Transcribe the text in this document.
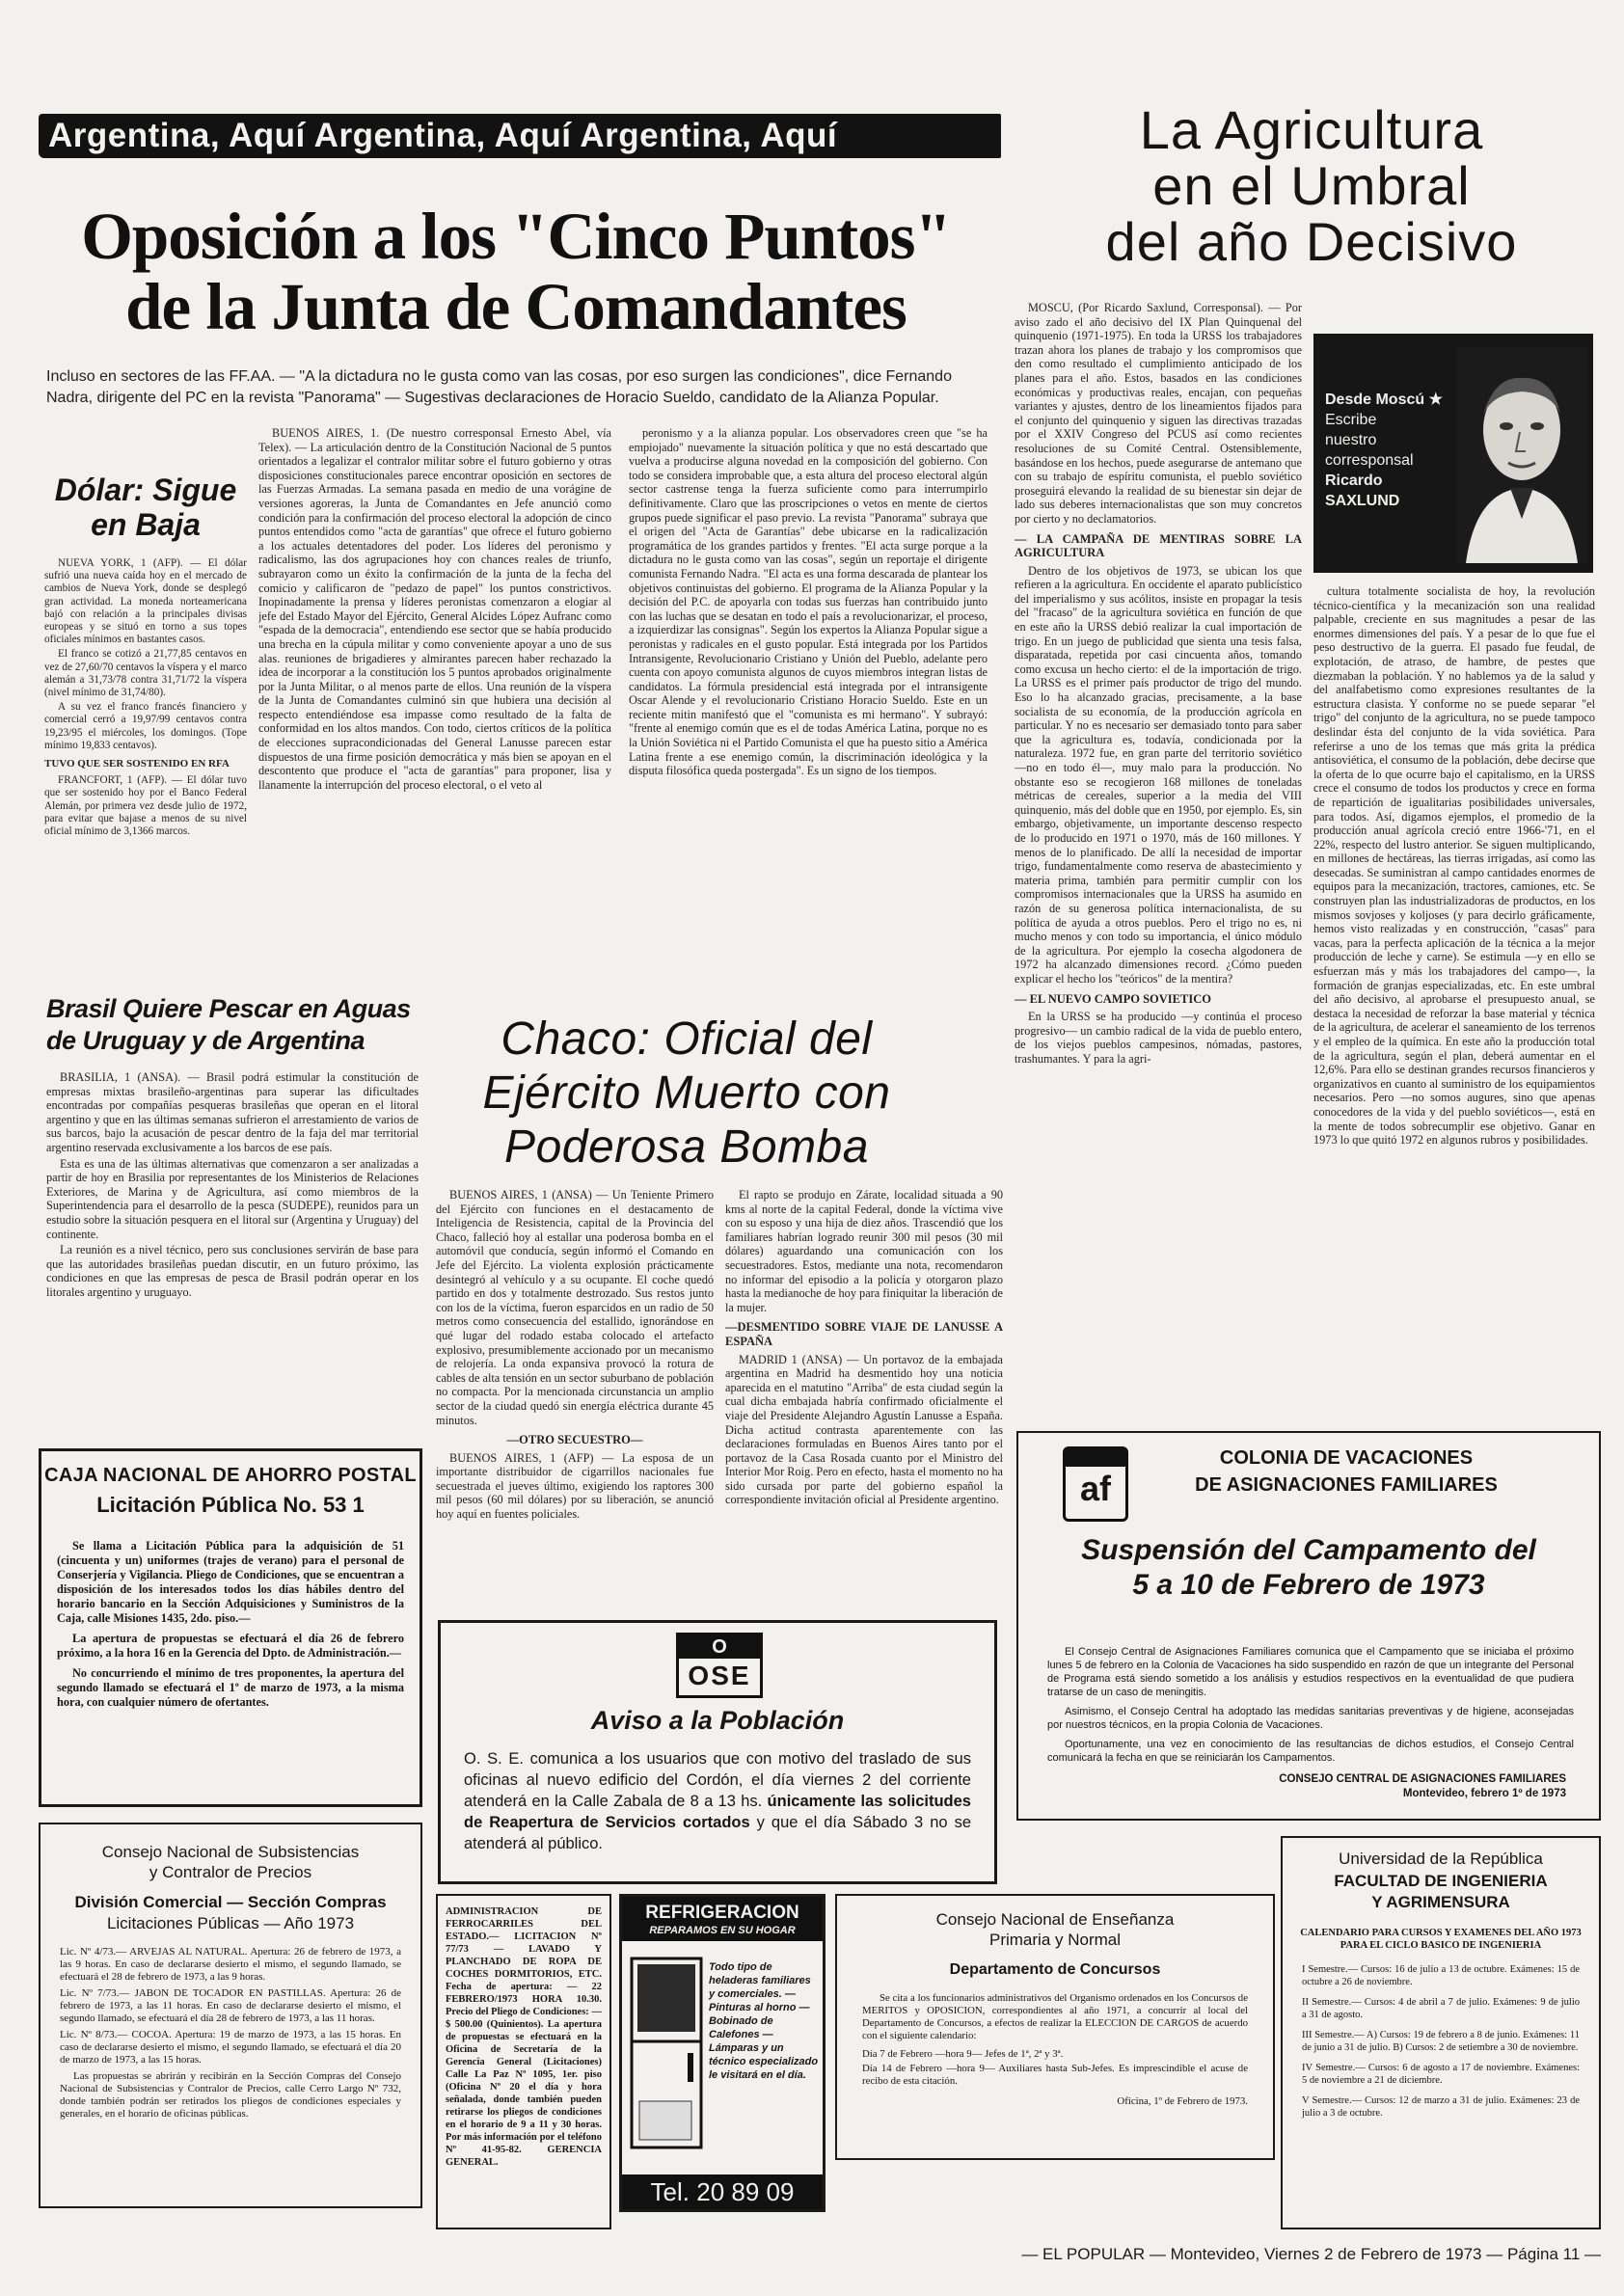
Argentina, Aquí Argentina, Aquí Argentina, Aquí
Oposición a los "Cinco Puntos"
de la Junta de Comandantes
Incluso en sectores de las FF.AA. — "A la dictadura no le gusta como van las cosas, por eso surgen las condiciones", dice Fernando Nadra, dirigente del PC en la revista "Panorama" — Sugestivas declaraciones de Horacio Sueldo, candidato de la Alianza Popular.
Dólar: Sigue en Baja

NUEVA YORK, 1 (AFP). — El dólar sufrió una nueva caída hoy en el mercado de cambios de Nueva York, donde se desplegó gran actividad. La moneda norteamericana bajó con relación a la principales divisas europeas y se situó en torno a sus topes oficiales mínimos en bastantes casos.

El franco se cotizó a 21,77,85 centavos en vez de 27,60/70 centavos la víspera y el marco alemán a 31,73/78 contra 31,71/72 la víspera (nivel mínimo de 31,74/80).

A su vez el franco francés financiero y comercial cerró a 19,97/99 centavos contra 19,23/95 el miércoles, los domingos. (Tope mínimo 19,833 centavos).

TUVO QUE SER SOSTENIDO EN RFA

FRANCFORT, 1 (AFP). — El dólar tuvo que ser sostenido hoy por el Banco Federal Alemán, por primera vez desde julio de 1972, para evitar que bajase a menos de su nivel oficial mínimo de 3,1366 marcos.

BUENOS AIRES, 1. (De nuestro corresponsal Ernesto Abel, vía Telex). — La articulación dentro de la Constitución Nacional de 5 puntos orientados a legalizar el contralor militar sobre el futuro gobierno y otras disposiciones constitucionales parece encontrar oposición en sectores de las Fuerzas Armadas. La semana pasada en medio de una vorágine de versiones agoreras, la Junta de Comandantes en Jefe anunció como condición para la confirmación del proceso electoral la adopción de cinco puntos entendidos como "acta de garantías" que ofrece el futuro gobierno a los actuales detentadores del poder. Los líderes del peronismo y radicalismo, las dos agrupaciones hoy con chances reales de triunfo, subrayaron como un éxito la confirmación de la junta de la fecha del comicio y calificaron de "pedazo de papel" los puntos constrictivos. Inopinadamente la prensa y líderes peronistas comenzaron a elogiar al jefe del Estado Mayor del Ejército, General Alcides López Aufranc como "espada de la democracia", entendiendo ese sector que se había producido una brecha en la cúpula militar y como conveniente apoyar a uno de sus alas. reuniones de brigadieres y almirantes parecen haber rechazado la idea de incorporar a la constitución los 5 puntos aprobados originalmente por la Junta Militar, o al menos parte de ellos. Una reunión de la víspera de la Junta de Comandantes culminó sin que hubiera una decisión al respecto entendiéndose esa impasse como resultado de la falta de conformidad en los altos mandos. Con todo, ciertos críticos de la política de elecciones supracondicionadas del General Lanusse parecen estar dispuestos de una firme posición democrática y más bien se apoyan en el descontento que produce el "acta de garantías" para proponer, lisa y llanamente la interrupción del proceso electoral, o el veto al

peronismo y a la alianza popular. Los observadores creen que "se ha empiojado" nuevamente la situación política y que no está descartado que vuelva a producirse alguna novedad en la composición del gobierno. Con todo se considera improbable que, a esta altura del proceso electoral algún sector castrense tenga la fuerza suficiente como para interrumpirlo definitivamente. Claro que las proscripciones o vetos en mente de ciertos grupos puede significar el paso previo. La revista "Panorama" subraya que el origen del "Acta de Garantías" debe ubicarse en la radicalización programática de los grandes partidos y frentes. "El acta surge porque a la dictadura no le gusta como van las cosas", según un reportaje el dirigente comunista Fernando Nadra. "El acta es una forma descarada de plantear los objetivos continuistas del gobierno. El programa de la Alianza Popular y la decisión del P.C. de apoyarla con todas sus fuerzas han contribuido junto con las luchas que se desatan en todo el país a revolucionarizar, el proceso, a izquierdizar las consignas". Según los expertos la Alianza Popular sigue a peronistas y radicales en el gusto popular. Está integrada por los Partidos Intransigente, Revolucionario Cristiano y Unión del Pueblo, adelante pero cuenta con apoyo comunista algunos de cuyos miembros integran listas de candidatos. La fórmula presidencial está integrada por el intransigente Oscar Alende y el revolucionario Cristiano Horacio Sueldo. Este en un reciente mitin manifestó que el "comunista es mi hermano". Y subrayó: "frente al enemigo común que es el de todas América Latina, porque no es la Unión Soviética ni el Partido Comunista el que ha puesto sitio a América Latina frente a ese enemigo común, la discriminación ideológica y la disputa filosófica queda postergada". Es un signo de los tiempos.

Brasil Quiere Pescar en Aguas de Uruguay y de Argentina

BRASILIA, 1 (ANSA). — Brasil podrá estimular la constitución de empresas mixtas brasileño-argentinas para superar las dificultades encontradas por compañías pesqueras brasileñas que operan en el litoral argentino y que en las últimas semanas sufrieron el arrestamiento de varios de sus barcos, bajo la acusación de pescar dentro de la faja del mar territorial argentino reservada exclusivamente a los barcos de ese país.

Esta es una de las últimas alternativas que comenzaron a ser analizadas a partir de hoy en Brasilia por representantes de los Ministerios de Relaciones Exteriores, de Marina y de Agricultura, así como miembros de la Superintendencia para el desarrollo de la pesca (SUDEPE), reunidos para un estudio sobre la situación pesquera en el litoral sur (Argentina y Uruguay) del continente.

La reunión es a nivel técnico, pero sus conclusiones servirán de base para que las autoridades brasileñas puedan discutir, en un futuro próximo, las condiciones en que las empresas de pesca de Brasil podrán operar en los litorales argentino y uruguayo.

Chaco: Oficial del Ejército Muerto con Poderosa Bomba

BUENOS AIRES, 1 (ANSA) — Un Teniente Primero del Ejército con funciones en el destacamento de Inteligencia de Resistencia, capital de la Provincia del Chaco, falleció hoy al estallar una poderosa bomba en el automóvil que conducía, según informó el Comando en Jefe del Ejército. La violenta explosión prácticamente desintegró al vehículo y a su ocupante. El coche quedó partido en dos y totalmente destrozado. Sus restos junto con los de la víctima, fueron esparcidos en un radio de 50 metros como consecuencia del estallido, ignorándose en qué lugar del rodado estaba colocado el artefacto explosivo, presumiblemente accionado por un mecanismo de relojería. La onda expansiva provocó la rotura de cables de alta tensión en un sector suburbano de población no compacta. Por la mencionada circunstancia un amplio sector de la ciudad quedó sin energía eléctrica durante 45 minutos.

—OTRO SECUESTRO—

BUENOS AIRES, 1 (AFP) — La esposa de un importante distribuidor de cigarrillos nacionales fue secuestrada el jueves último, exigiendo los raptores 300 mil pesos (60 mil dólares) por su liberación, se anunció hoy aquí en fuentes policiales.

El rapto se produjo en Zárate, localidad situada a 90 kms al norte de la capital Federal, donde la víctima vive con su esposo y una hija de diez años. Trascendió que los familiares habrían logrado reunir 300 mil pesos (30 mil dólares) aguardando una comunicación con los secuestradores. Estos, mediante una nota, recomendaron no informar del episodio a la policía y otorgaron plazo hasta la medianoche de hoy para finiquitar la liberación de la mujer.

—DESMENTIDO SOBRE VIAJE DE LANUSSE A ESPAÑA

MADRID 1 (ANSA) — Un portavoz de la embajada argentina en Madrid ha desmentido hoy una noticia aparecida en el matutino "Arriba" de esta ciudad según la cual dicha embajada habría confirmado oficialmente el viaje del Presidente Alejandro Agustín Lanusse a España. Dicha actitud contrasta aparentemente con las declaraciones formuladas en Buenos Aires tanto por el portavoz de la Casa Rosada cuanto por el Ministro del Interior Mor Roig. Pero en efecto, hasta el momento no ha sido cursada por parte del gobierno español la correspondiente invitación oficial al Presidente argentino.

La Agricultura
en el Umbral
del año Decisivo

MOSCU, (Por Ricardo Saxlund, Corresponsal). — Por aviso zado el año decisivo del IX Plan Quinquenal del quinquenio (1971-1975). En toda la URSS los trabajadores trazan ahora los planes de trabajo y los compromisos que den como resultado el cumplimiento anticipado de los planes para el año. Estos, basados en las condiciones económicas y productivas reales, encajan, con pequeñas variantes y ajustes, dentro de los lineamientos fijados para el conjunto del quinquenio y siguen las directivas trazadas por el XXIV Congreso del PCUS así como recientes resoluciones de su Comité Central. Ostensiblemente, basándose en los hechos, puede asegurarse de antemano que con su trabajo de espíritu comunista, el pueblo soviético proseguirá elevando la realidad de su bienestar sin dejar de lado sus deberes internacionalistas que son muy concretos por cierto y no declamatorios.

— LA CAMPAÑA DE MENTIRAS SOBRE LA AGRICULTURA

Dentro de los objetivos de 1973, se ubican los que refieren a la agricultura. En occidente el aparato publicístico del imperialismo y sus acólitos, insiste en propagar la tesis del "fracaso" de la agricultura soviética en función de que en este año la URSS debió realizar la cual importación de trigo. En un juego de publicidad que sienta una tesis falsa, disparatada, repetida por casi cincuenta años, tomando como excusa un hecho cierto: el de la importación de trigo. La URSS es el primer país productor de trigo del mundo. Eso lo ha alcanzado gracias, precisamente, a la base socialista de su economía, de la producción agrícola en particular. Y no es necesario ser demasiado tonto para saber que la agricultura es, todavía, condicionada por la naturaleza. 1972 fue, en gran parte del territorio soviético —no en todo él—, muy malo para la producción. No obstante eso se recogieron 168 millones de toneladas métricas de cereales, superior a la media del VIII quinquenio, más del doble que en 1950, por ejemplo. Es, sin embargo, objetivamente, un importante descenso respecto de lo producido en 1971 o 1970, más de 160 millones. Y menos de lo planificado. De allí la necesidad de importar trigo, fundamentalmente como reserva de abastecimiento y materia prima, también para permitir cumplir con los compromisos internacionales que la URSS ha asumido en razón de su generosa política internacionalista, de su política de ayuda a otros pueblos. Pero el trigo no es, ni mucho menos y con todo su importancia, el único módulo de la agricultura. Por ejemplo la cosecha algodonera de 1972 ha alcanzado dimensiones record. ¿Cómo pueden explicar el hecho los "teóricos" de la mentira?

— EL NUEVO CAMPO SOVIETICO

En la URSS se ha producido —y continúa el proceso progresivo— un cambio radical de la vida de pueblo entero, de los viejos pueblos campesinos, nómadas, pastores, trashumantes. Y para la agri-

Desde Moscú ★
Escribe
nuestro
corresponsal
Ricardo
SAXLUND

cultura totalmente socialista de hoy, la revolución técnico-científica y la mecanización son una realidad palpable, creciente en sus magnitudes a pesar de las enormes dimensiones del país. Y a pesar de lo que fue el peso destructivo de la guerra. El pasado fue feudal, de explotación, de atraso, de hambre, de pestes que diezmaban la población. Y no hablemos ya de la salud y del analfabetismo como expresiones resultantes de la estructura clasista. Y conforme no se puede separar "el trigo" del conjunto de la agricultura, no se puede tampoco deslindar ésta del conjunto de la vida soviética. Para referirse a uno de los temas que más grita la prédica antisoviética, el consumo de la población, debe decirse que la oferta de lo que ocurre bajo el capitalismo, en la URSS crece el consumo de todos los productos y crece en forma de repartición de igualitarias posibilidades universales, para todos. Así, digamos ejemplos, el promedio de la producción anual agrícola creció entre 1966-'71, en el 22%, respecto del lustro anterior. Se siguen multiplicando, en millones de hectáreas, las tierras irrigadas, así como las desecadas. Se suministran al campo cantidades enormes de equipos para la mecanización, tractores, camiones, etc. Se construyen plan las industrializadoras de productos, en los mismos sovjoses y koljoses (y para decirlo gráficamente, hemos visto realizadas y en construcción, "casas" para vacas, para la perfecta aplicación de la técnica a la mejor producción de leche y carne). Se estimula —y en ello se esfuerzan más y más los trabajadores del campo—, la formación de granjas especializadas, etc. En este umbral del año decisivo, al aprobarse el presupuesto anual, se destaca la necesidad de reforzar la base material y técnica de la agricultura, de acelerar el saneamiento de los terrenos y el empleo de la química. En este año la producción total de la agricultura, según el plan, deberá aumentar en el 12,6%. Para ello se destinan grandes recursos financieros y organizativos en cuanto al suministro de los equipamientos necesarios. Pero —no somos augures, sino que apenas conocedores de la vida y del pueblo soviéticos—, está en la mente de todos sobrecumplir ese objetivo. Ganar en 1973 lo que quitó 1972 en algunos rubros y posibilidades.

CAJA NACIONAL DE AHORRO POSTAL
Licitación Pública No. 53 1

Se llama a Licitación Pública para la adquisición de 51 (cincuenta y un) uniformes (trajes de verano) para el personal de Conserjería y Vigilancia. Pliego de Condiciones, que se encuentran a disposición de los interesados todos los días hábiles dentro del horario bancario en la Sección Adquisiciones y Suministros de la Caja, calle Misiones 1435, 2do. piso.—

La apertura de propuestas se efectuará el día 26 de febrero próximo, a la hora 16 en la Gerencia del Dpto. de Administración.—

No concurriendo el mínimo de tres proponentes, la apertura del segundo llamado se efectuará el 1º de marzo de 1973, a la misma hora, con cualquier número de ofertantes.

af
COLONIA DE VACACIONES
DE ASIGNACIONES FAMILIARES
Suspensión del Campamento del
5 a 10 de Febrero de 1973

El Consejo Central de Asignaciones Familiares comunica que el Campamento que se iniciaba el próximo lunes 5 de febrero en la Colonia de Vacaciones ha sido suspendido en razón de que un integrante del Personal de Programa está siendo sometido a los análisis y estudios respectivos en la eventualidad de que pudiera tratarse de un caso de meningitis.

Asimismo, el Consejo Central ha adoptado las medidas sanitarias preventivas y de higiene, aconsejadas por nuestros técnicos, en la propia Colonia de Vacaciones.

Oportunamente, una vez en conocimiento de las resultancias de dichos estudios, el Consejo Central comunicará la fecha en que se reiniciarán los Campamentos.

CONSEJO CENTRAL DE ASIGNACIONES FAMILIARES
Montevideo, febrero 1º de 1973
O
OSE
Aviso a la Población
O. S. E. comunica a los usuarios que con motivo del traslado de sus oficinas al nuevo edificio del Cordón, el día viernes 2 del corriente atenderá en la Calle Zabala de 8 a 13 hs. únicamente las solicitudes de Reapertura de Servicios cortados y que el día Sábado 3 no se atenderá al público.
Consejo Nacional de Subsistencias
y Contralor de Precios
División Comercial — Sección Compras
Licitaciones Públicas — Año 1973

Lic. Nº 4/73.— ARVEJAS AL NATURAL. Apertura: 26 de febrero de 1973, a las 9 horas. En caso de declararse desierto el mismo, el segundo llamado, se efectuará el 28 de febrero de 1973, a las 9 horas.

Lic. Nº 7/73.— JABON DE TOCADOR EN PASTILLAS. Apertura: 26 de febrero de 1973, a las 11 horas. En caso de declararse desierto el mismo, el segundo llamado, se efectuará el día 28 de febrero de 1973, a las 11 horas.

Lic. Nº 8/73.— COCOA. Apertura: 19 de marzo de 1973, a las 15 horas. En caso de declararse desierto el mismo, el segundo llamado, se efectuará el día 20 de marzo de 1973, a las 15 horas.

Las propuestas se abrirán y recibirán en la Sección Compras del Consejo Nacional de Subsistencias y Contralor de Precios, calle Cerro Largo Nº 732, donde también podrán ser retirados los pliegos de condiciones especiales y generales, en el horario de oficinas públicas.

ADMINISTRACION DE FERROCARRILES DEL ESTADO.— LICITACION Nº 77/73 — LAVADO Y PLANCHADO DE ROPA DE COCHES DORMITORIOS, ETC. Fecha de apertura: — 22 FEBRERO/1973 HORA 10.30. Precio del Pliego de Condiciones: — $ 500.00 (Quinientos). La apertura de propuestas se efectuará en la Oficina de Secretaría de la Gerencia General (Licitaciones) Calle La Paz Nº 1095, 1er. piso (Oficina Nº 20 el día y hora señalada, donde también pueden retirarse los pliegos de condiciones en el horario de 9 a 11 y 30 horas. Por más información por el teléfono Nº 41-95-82. GERENCIA GENERAL.
REFRIGERACION
REPARAMOS EN SU HOGAR
Todo tipo de heladeras familiares y comerciales. — Pinturas al horno — Bobinado de Calefones — Lámparas y un técnico especializado le visitará en el día.
Tel. 20 89 09
Consejo Nacional de Enseñanza
Primaria y Normal
Departamento de Concursos

Se cita a los funcionarios administrativos del Organismo ordenados en los Concursos de MERITOS y OPOSICION, correspondientes al año 1971, a concurrir al local del Departamento de Concursos, a efectos de realizar la ELECCION DE CARGOS de acuerdo con el siguiente calendario:

Día 7 de Febrero —hora 9— Jefes de 1ª, 2ª y 3ª.

Día 14 de Febrero —hora 9— Auxiliares hasta Sub-Jefes. Es imprescindible el acuse de recibo de esta citación.

Oficina, 1º de Febrero de 1973.

Universidad de la República
FACULTAD DE INGENIERIA
Y AGRIMENSURA
CALENDARIO PARA CURSOS Y EXAMENES DEL AÑO 1973 PARA EL CICLO BASICO DE INGENIERIA

I Semestre.— Cursos: 16 de julio a 13 de octubre. Exámenes: 15 de octubre a 26 de noviembre.

II Semestre.— Cursos: 4 de abril a 7 de julio. Exámenes: 9 de julio a 31 de agosto.

III Semestre.— A) Cursos: 19 de febrero a 8 de junio. Exámenes: 11 de junio a 31 de julio. B) Cursos: 2 de setiembre a 30 de noviembre.

IV Semestre.— Cursos: 6 de agosto a 17 de noviembre. Exámenes: 5 de noviembre a 21 de diciembre.

V Semestre.— Cursos: 12 de marzo a 31 de julio. Exámenes: 23 de julio a 3 de octubre.

— EL POPULAR — Montevideo, Viernes 2 de Febrero de 1973 — Página 11 —
